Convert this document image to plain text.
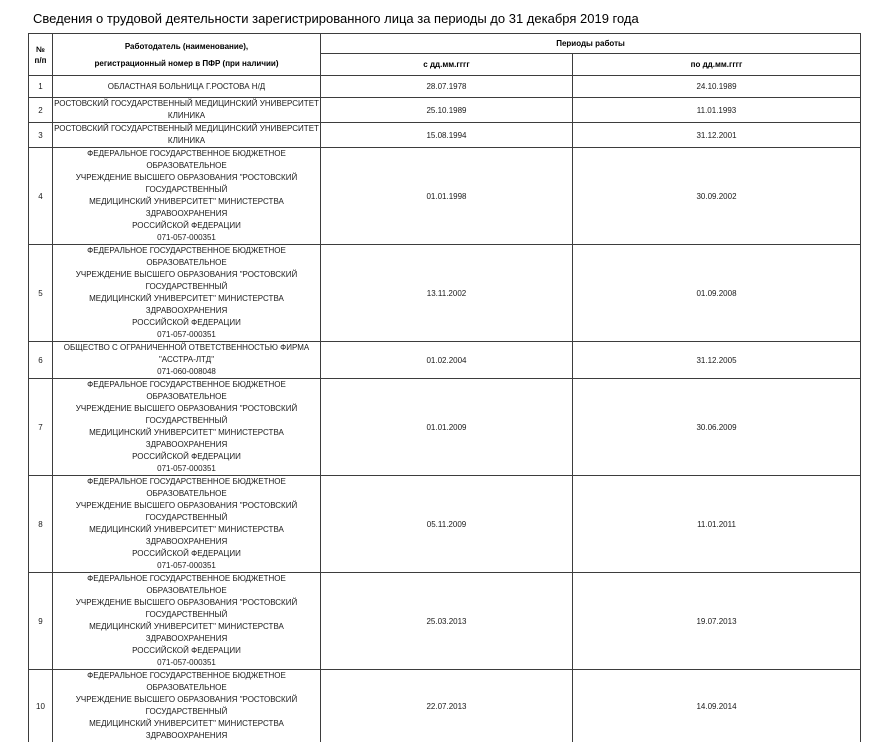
Сведения о трудовой деятельности зарегистрированного лица за периоды до 31 декабря 2019 года
№
п/п

Работодатель (наименование),
регистрационный номер в ПФР (при наличии)
	Периоды работы
		с дд.мм.гггг	по дд.мм.гггг
1	ОБЛАСТНАЯ БОЛЬНИЦА Г.РОСТОВА Н/Д	28.07.1978	24.10.1989
2	РОСТОВСКИЙ ГОСУДАРСТВЕННЫЙ МЕДИЦИНСКИЙ УНИВЕРСИТЕТ КЛИНИКА	25.10.1989	11.01.1993
3	РОСТОВСКИЙ ГОСУДАРСТВЕННЫЙ МЕДИЦИНСКИЙ УНИВЕРСИТЕТ КЛИНИКА	15.08.1994	31.12.2001
4	ФЕДЕРАЛЬНОЕ ГОСУДАРСТВЕННОЕ БЮДЖЕТНОЕ ОБРАЗОВАТЕЛЬНОЕ
УЧРЕЖДЕНИЕ ВЫСШЕГО ОБРАЗОВАНИЯ "РОСТОВСКИЙ ГОСУДАРСТВЕННЫЙ
МЕДИЦИНСКИЙ УНИВЕРСИТЕТ" МИНИСТЕРСТВА ЗДРАВООХРАНЕНИЯ
РОССИЙСКОЙ ФЕДЕРАЦИИ
071-057-000351	01.01.1998	30.09.2002
5	ФЕДЕРАЛЬНОЕ ГОСУДАРСТВЕННОЕ БЮДЖЕТНОЕ ОБРАЗОВАТЕЛЬНОЕ
УЧРЕЖДЕНИЕ ВЫСШЕГО ОБРАЗОВАНИЯ "РОСТОВСКИЙ ГОСУДАРСТВЕННЫЙ
МЕДИЦИНСКИЙ УНИВЕРСИТЕТ" МИНИСТЕРСТВА ЗДРАВООХРАНЕНИЯ
РОССИЙСКОЙ ФЕДЕРАЦИИ
071-057-000351	13.11.2002	01.09.2008
6	ОБЩЕСТВО С ОГРАНИЧЕННОЙ ОТВЕТСТВЕННОСТЬЮ ФИРМА "АССТРА-ЛТД"
071-060-008048	01.02.2004	31.12.2005
7	ФЕДЕРАЛЬНОЕ ГОСУДАРСТВЕННОЕ БЮДЖЕТНОЕ ОБРАЗОВАТЕЛЬНОЕ
УЧРЕЖДЕНИЕ ВЫСШЕГО ОБРАЗОВАНИЯ "РОСТОВСКИЙ ГОСУДАРСТВЕННЫЙ
МЕДИЦИНСКИЙ УНИВЕРСИТЕТ" МИНИСТЕРСТВА ЗДРАВООХРАНЕНИЯ
РОССИЙСКОЙ ФЕДЕРАЦИИ
071-057-000351	01.01.2009	30.06.2009
8	ФЕДЕРАЛЬНОЕ ГОСУДАРСТВЕННОЕ БЮДЖЕТНОЕ ОБРАЗОВАТЕЛЬНОЕ
УЧРЕЖДЕНИЕ ВЫСШЕГО ОБРАЗОВАНИЯ "РОСТОВСКИЙ ГОСУДАРСТВЕННЫЙ
МЕДИЦИНСКИЙ УНИВЕРСИТЕТ" МИНИСТЕРСТВА ЗДРАВООХРАНЕНИЯ
РОССИЙСКОЙ ФЕДЕРАЦИИ
071-057-000351	05.11.2009	11.01.2011
9	ФЕДЕРАЛЬНОЕ ГОСУДАРСТВЕННОЕ БЮДЖЕТНОЕ ОБРАЗОВАТЕЛЬНОЕ
УЧРЕЖДЕНИЕ ВЫСШЕГО ОБРАЗОВАНИЯ "РОСТОВСКИЙ ГОСУДАРСТВЕННЫЙ
МЕДИЦИНСКИЙ УНИВЕРСИТЕТ" МИНИСТЕРСТВА ЗДРАВООХРАНЕНИЯ
РОССИЙСКОЙ ФЕДЕРАЦИИ
071-057-000351	25.03.2013	19.07.2013
10	ФЕДЕРАЛЬНОЕ ГОСУДАРСТВЕННОЕ БЮДЖЕТНОЕ ОБРАЗОВАТЕЛЬНОЕ
УЧРЕЖДЕНИЕ ВЫСШЕГО ОБРАЗОВАНИЯ "РОСТОВСКИЙ ГОСУДАРСТВЕННЫЙ
МЕДИЦИНСКИЙ УНИВЕРСИТЕТ" МИНИСТЕРСТВА ЗДРАВООХРАНЕНИЯ	22.07.2013	14.09.2014
